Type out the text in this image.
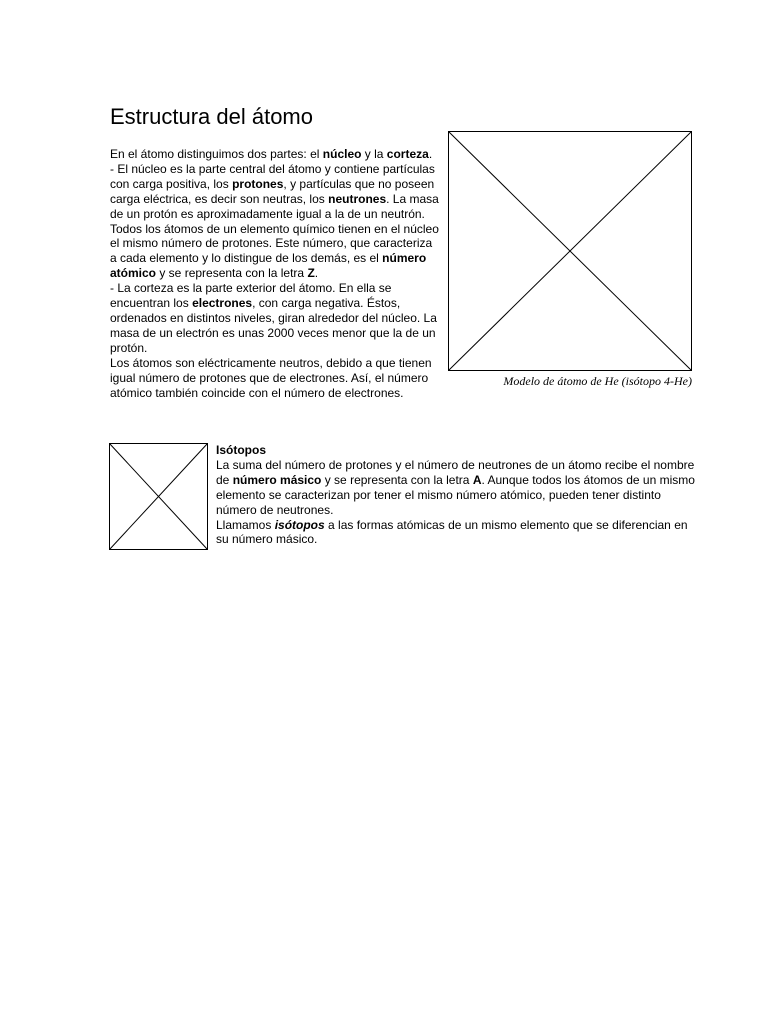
Estructura del átomo

En el átomo distinguimos dos partes: el núcleo y la corteza.

- El núcleo es la parte central del átomo y contiene partículas con carga positiva, los protones, y partículas que no poseen carga eléctrica, es decir son neutras, los neutrones. La masa de un protón es aproximadamente igual a la de un neutrón.

Todos los átomos de un elemento químico tienen en el núcleo el mismo número de protones. Este número, que caracteriza a cada elemento y lo distingue de los demás, es el número atómico y se representa con la letra Z.

- La corteza es la parte exterior del átomo. En ella se encuentran los electrones, con carga negativa. Éstos, ordenados en distintos niveles, giran alrededor del núcleo. La masa de un electrón es unas 2000 veces menor que la de un protón.

Los átomos son eléctricamente neutros, debido a que tienen igual número de protones que de electrones. Así, el número atómico también coincide con el número de electrones.

Modelo de átomo de He (isótopo 4-He)

Isótopos

La suma del número de protones y el número de neutrones de un átomo recibe el nombre de número másico y se representa con la letra A. Aunque todos los átomos de un mismo elemento se caracterizan por tener el mismo número atómico, pueden tener distinto número de neutrones.

Llamamos isótopos a las formas atómicas de un mismo elemento que se diferencian en su número másico.
